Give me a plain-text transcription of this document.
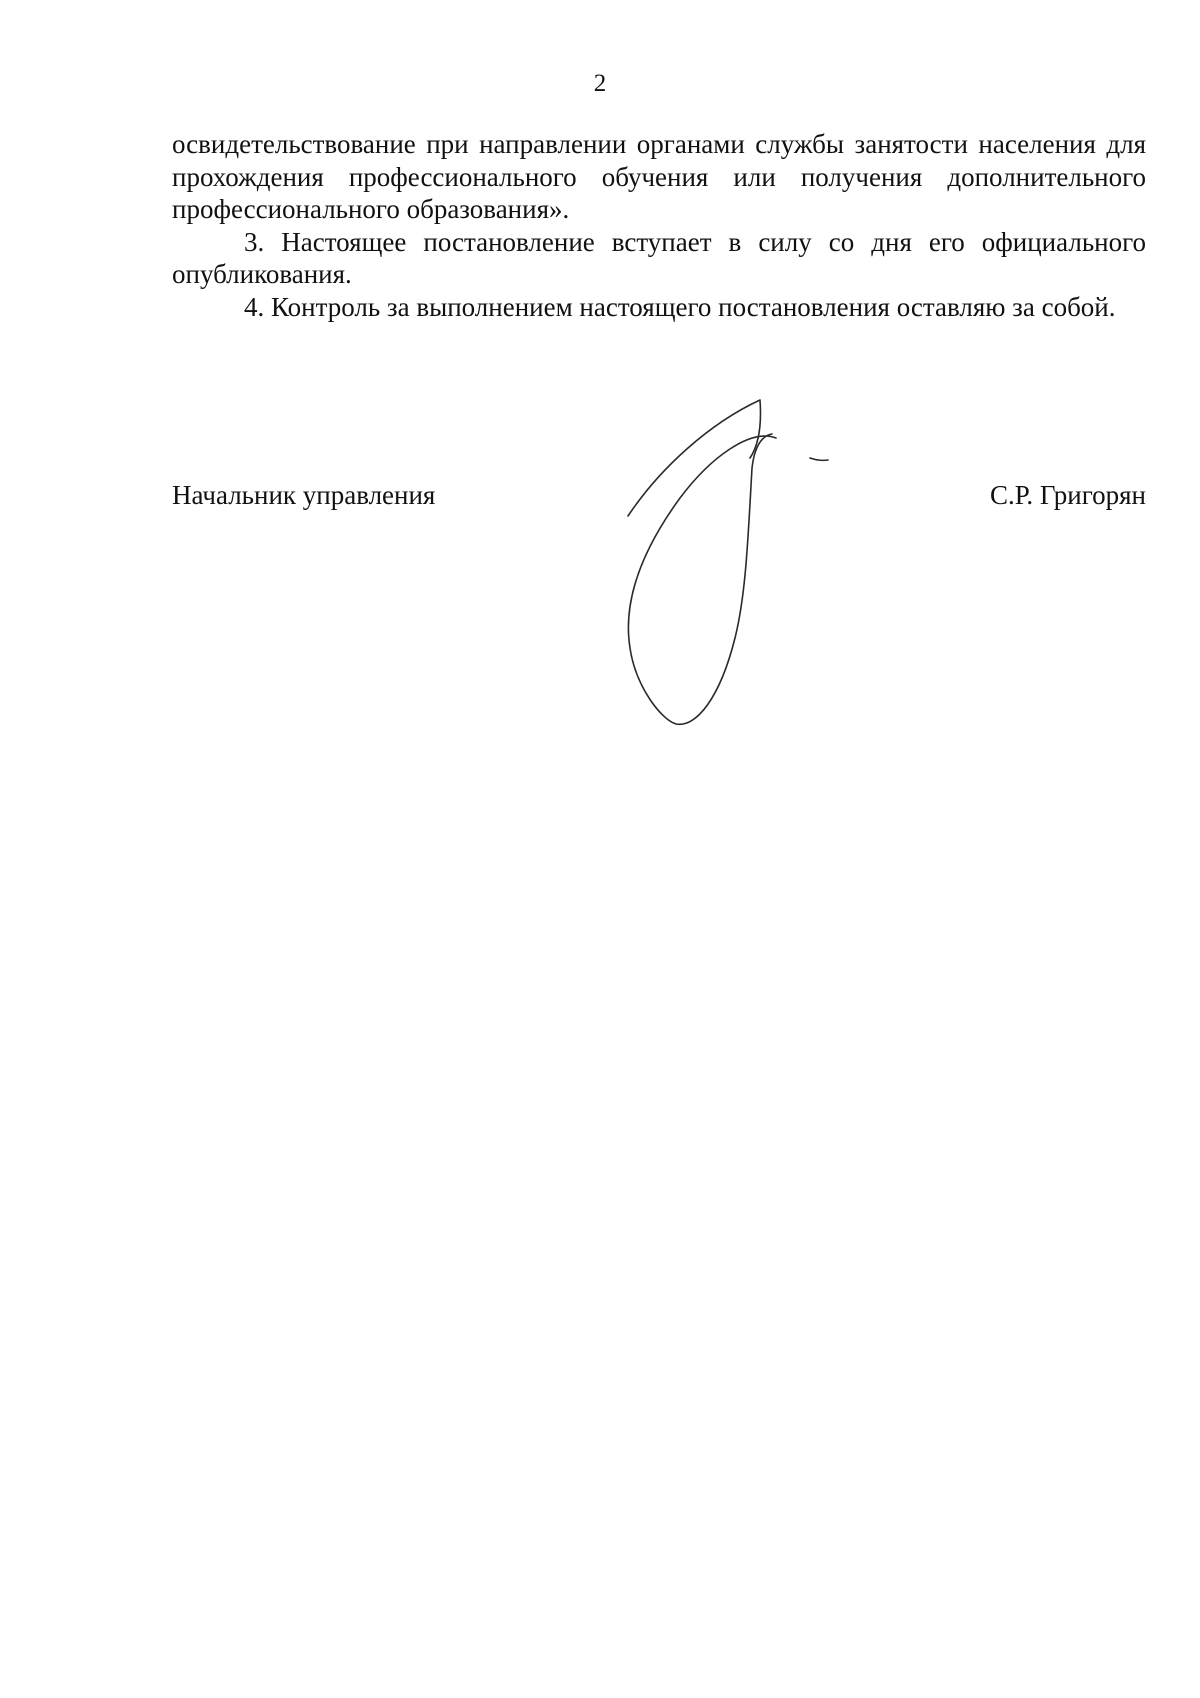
2

освидетельствование при направлении органами службы занятости населения для прохождения профессионального обучения или получения дополнительного профессионального образования».

3. Настоящее постановление вступает в силу со дня его официального опубликования.

4. Контроль за выполнением настоящего постановления оставляю за собой.

Начальник управления	С.Р. Григорян
